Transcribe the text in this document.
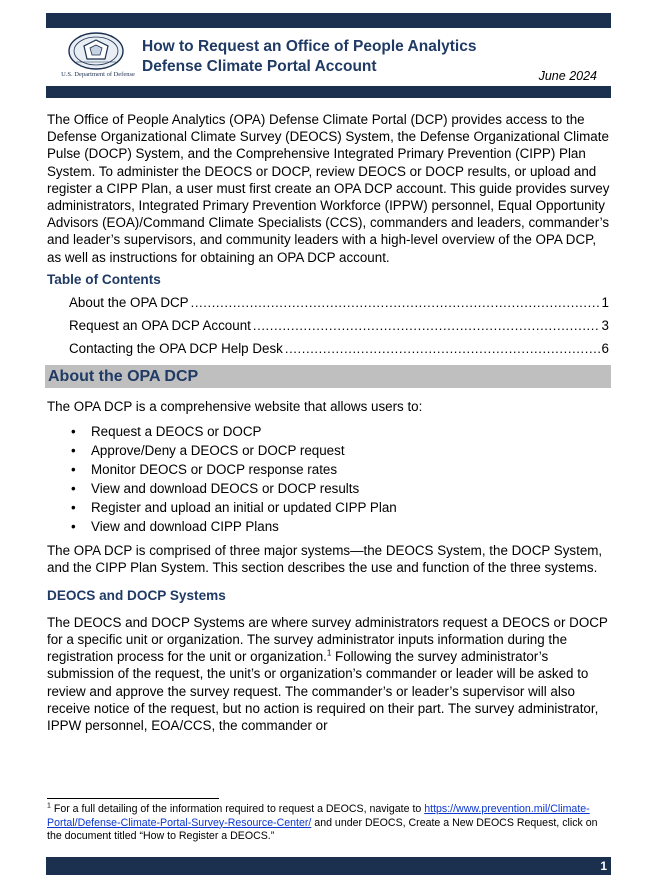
U.S. Department of Defense
How to Request an Office of People Analytics
Defense Climate Portal Account
June 2024

The Office of People Analytics (OPA) Defense Climate Portal (DCP) provides access to the Defense Organizational Climate Survey (DEOCS) System, the Defense Organizational Climate Pulse (DOCP) System, and the Comprehensive Integrated Primary Prevention (CIPP) Plan System. To administer the DEOCS or DOCP, review DEOCS or DOCP results, or upload and register a CIPP Plan, a user must first create an OPA DCP account. This guide provides survey administrators, Integrated Primary Prevention Workforce (IPPW) personnel, Equal Opportunity Advisors (EOA)/Command Climate Specialists (CCS), commanders and leaders, commander’s and leader’s supervisors, and community leaders with a high-level overview of the OPA DCP, as well as instructions for obtaining an OPA DCP account.

Table of Contents
About the OPA DCP . . .	1
Request an OPA DCP Account . . .	3
Contacting the OPA DCP Help Desk . . .	6
About the OPA DCP

The OPA DCP is a comprehensive website that allows users to:

• Request a DEOCS or DOCP
• Approve/Deny a DEOCS or DOCP request
• Monitor DEOCS or DOCP response rates
• View and download DEOCS or DOCP results
• Register and upload an initial or updated CIPP Plan
• View and download CIPP Plans

The OPA DCP is comprised of three major systems—the DEOCS System, the DOCP System, and the CIPP Plan System. This section describes the use and function of the three systems.

DEOCS and DOCP Systems

The DEOCS and DOCP Systems are where survey administrators request a DEOCS or DOCP for a specific unit or organization. The survey administrator inputs information during the registration process for the unit or organization.$^1$ Following the survey administrator’s submission of the request, the unit’s or organization’s commander or leader will be asked to review and approve the survey request. The commander’s or leader’s supervisor will also receive notice of the request, but no action is required on their part. The survey administrator, IPPW personnel, EOA/CCS, the commander or

$^1$ For a full detailing of the information required to request a DEOCS, navigate to https://www.prevention.mil/Climate-Portal/Defense-Climate-Portal-Survey-Resource-Center/ and under DEOCS, Create a New DEOCS Request, click on the document titled “How to Register a DEOCS.”
1
